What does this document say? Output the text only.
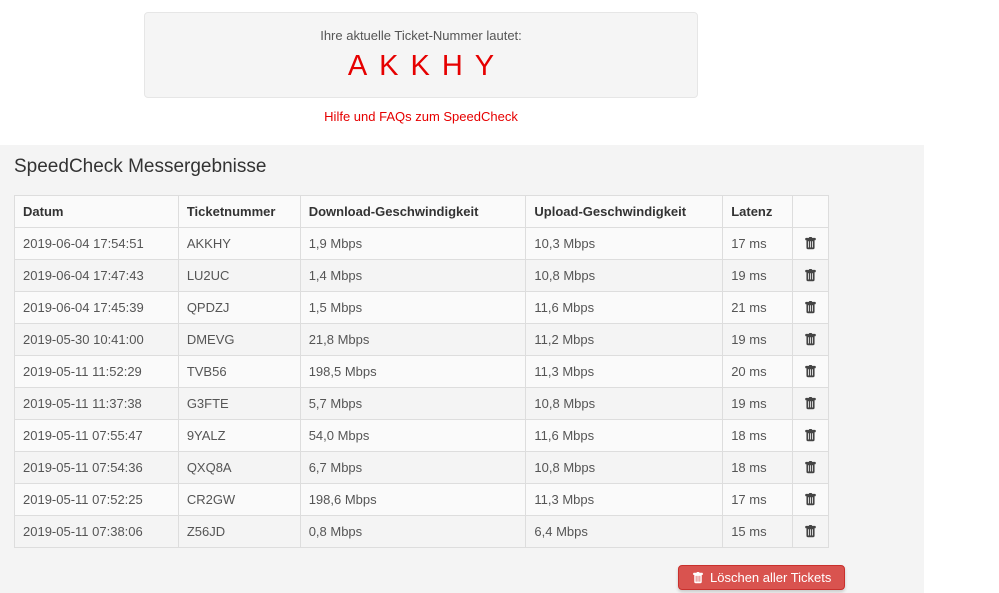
Ihre aktuelle Ticket-Nummer lautet:
AKKHY
Hilfe und FAQs zum SpeedCheck
SpeedCheck Messergebnisse
Datum	Ticketnummer	Download-Geschwindigkeit	Upload-Geschwindigkeit	Latenz	
2019-06-04 17:54:51	AKKHY	1,9 Mbps	10,3 Mbps	17 ms	

2019-06-04 17:47:43	LU2UC	1,4 Mbps	10,8 Mbps	19 ms	

2019-06-04 17:45:39	QPDZJ	1,5 Mbps	11,6 Mbps	21 ms	

2019-05-30 10:41:00	DMEVG	21,8 Mbps	11,2 Mbps	19 ms	

2019-05-11 11:52:29	TVB56	198,5 Mbps	11,3 Mbps	20 ms	

2019-05-11 11:37:38	G3FTE	5,7 Mbps	10,8 Mbps	19 ms	

2019-05-11 07:55:47	9YALZ	54,0 Mbps	11,6 Mbps	18 ms	

2019-05-11 07:54:36	QXQ8A	6,7 Mbps	10,8 Mbps	18 ms	

2019-05-11 07:52:25	CR2GW	198,6 Mbps	11,3 Mbps	17 ms	

2019-05-11 07:38:06	Z56JD	0,8 Mbps	6,4 Mbps	15 ms	
Löschen aller Tickets
